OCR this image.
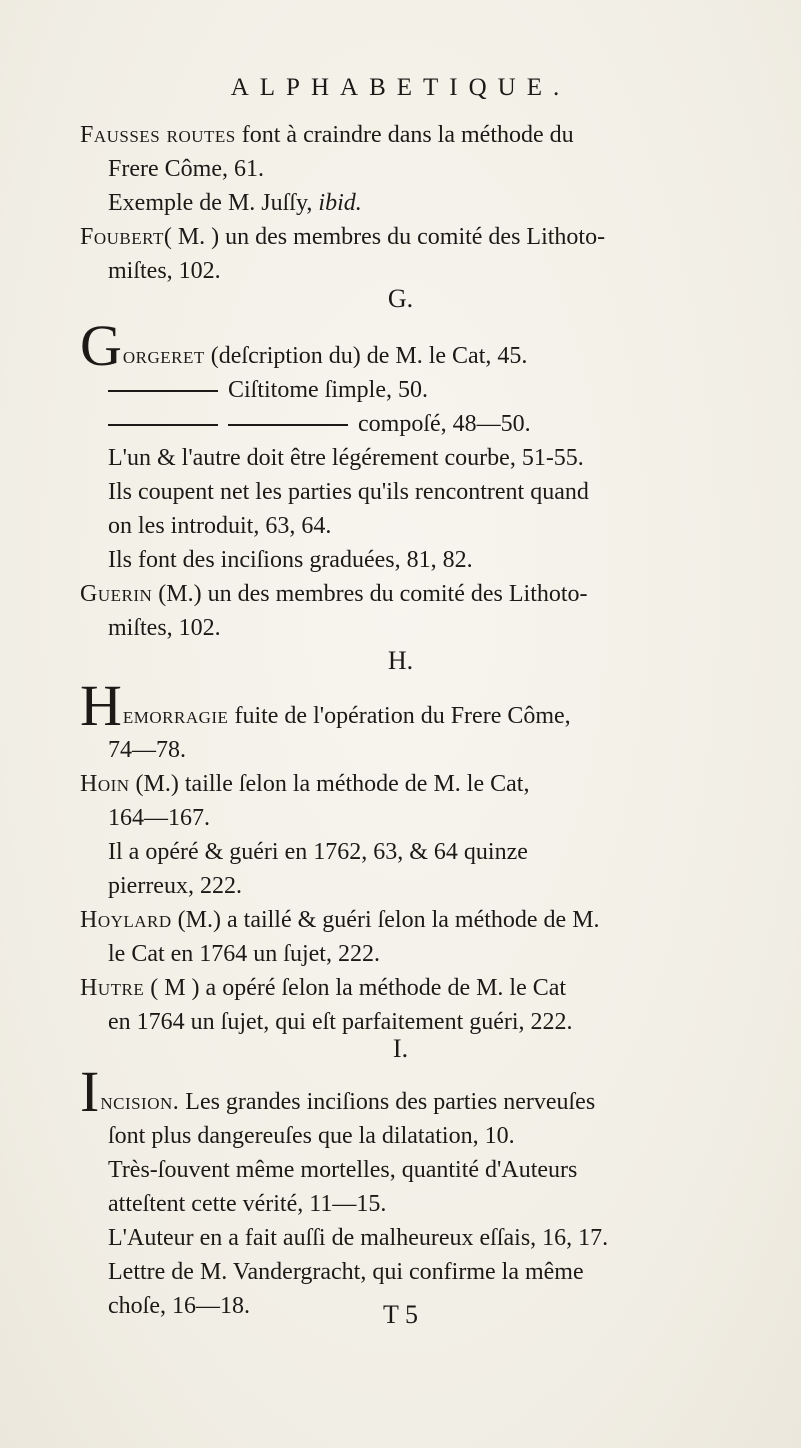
ALPHABETIQUE.
Fausses routes font à craindre dans la méthode du
Frere Côme, 61.
Exemple de M. Juſſy, ibid.
Foubert( M. ) un des membres du comité des Lithoto-
miſtes, 102.
G.
Gorgeret (deſcription du) de M. le Cat, 45.
Ciſtitome ſimple, 50.
compoſé, 48—50.
L'un & l'autre doit être légérement courbe, 51-55.
Ils coupent net les parties qu'ils rencontrent quand
on les introduit, 63, 64.
Ils font des inciſions graduées, 81, 82.
Guerin (M.) un des membres du comité des Lithoto-
miſtes, 102.
H.
Hemorragie fuite de l'opération du Frere Côme,
74—78.
Hoin (M.) taille ſelon la méthode de M. le Cat,
164—167.
Il a opéré & guéri en 1762, 63, & 64 quinze
pierreux, 222.
Hoylard (M.) a taillé & guéri ſelon la méthode de M.
le Cat en 1764 un ſujet, 222.
Hutre ( M ) a opéré ſelon la méthode de M. le Cat
en 1764 un ſujet, qui eſt parfaitement guéri, 222.
I.
Incision. Les grandes inciſions des parties nerveuſes
ſont plus dangereuſes que la dilatation, 10.
Très-ſouvent même mortelles, quantité d'Auteurs
atteſtent cette vérité, 11—15.
L'Auteur en a fait auſſi de malheureux eſſais, 16, 17.
Lettre de M. Vandergracht, qui confirme la même
choſe, 16—18.	T 5
